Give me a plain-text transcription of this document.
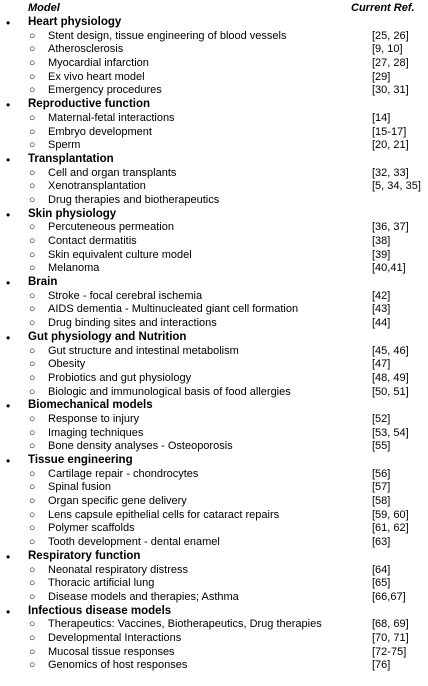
Model	Current Ref.
• Heart physiology
○ Stent design, tissue engineering of blood vessels	[25, 26]
○ Atherosclerosis	[9, 10]
○ Myocardial infarction	[27, 28]
○ Ex vivo heart model	[29]
○ Emergency procedures	[30, 31]
• Reproductive function
○ Maternal-fetal interactions	[14]
○ Embryo development	[15-17]
○ Sperm	[20, 21]
• Transplantation
○ Cell and organ transplants	[32, 33]
○ Xenotransplantation	[5, 34, 35]
○ Drug therapies and biotherapeutics
• Skin physiology
○ Percuteneous permeation	[36, 37]
○ Contact dermatitis	[38]
○ Skin equivalent culture model	[39]
○ Melanoma	[40,41]
• Brain
○ Stroke - focal cerebral ischemia	[42]
○ AIDS dementia - Multinucleated giant cell formation	[43]
○ Drug binding sites and interactions	[44]
• Gut physiology and Nutrition
○ Gut structure and intestinal metabolism	[45, 46]
○ Obesity	[47]
○ Probiotics and gut physiology	[48, 49]
○ Biologic and immunological basis of food allergies	[50, 51]
• Biomechanical models
○ Response to injury	[52]
○ Imaging techniques	[53, 54]
○ Bone density analyses - Osteoporosis	[55]
• Tissue engineering
○ Cartilage repair - chondrocytes	[56]
○ Spinal fusion	[57]
○ Organ specific gene delivery	[58]
○ Lens capsule epithelial cells for cataract repairs	[59, 60]
○ Polymer scaffolds	[61, 62]
○ Tooth development - dental enamel	[63]
• Respiratory function
○ Neonatal respiratory distress	[64]
○ Thoracic artificial lung	[65]
○ Disease models and therapies; Asthma	[66,67]
• Infectious disease models
○ Therapeutics: Vaccines, Biotherapeutics, Drug therapies	[68, 69]
○ Developmental Interactions	[70, 71]
○ Mucosal tissue responses	[72-75]
○ Genomics of host responses	[76]
